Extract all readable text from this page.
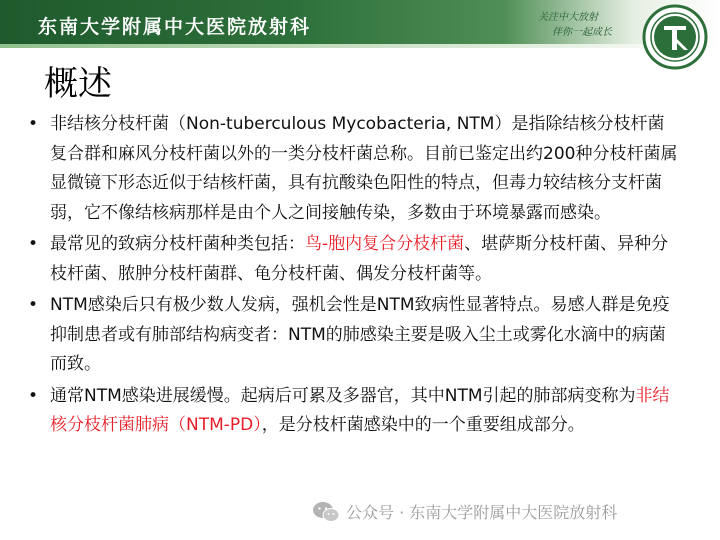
东南大学附属中大医院放射科	关注中大放射
伴你一起成长
概述
• 非结核分枝杆菌（Non-tuberculous Mycobacteria, NTM）是指除结核分枝杆菌复合群和麻风分枝杆菌以外的一类分枝杆菌总称。目前已鉴定出约200种分枝杆菌属显微镜下形态近似于结核杆菌，具有抗酸染色阳性的特点，但毒力较结核分支杆菌弱，它不像结核病那样是由个人之间接触传染，多数由于环境暴露而感染。
• 最常见的致病分枝杆菌种类包括：鸟-胞内复合分枝杆菌、堪萨斯分枝杆菌、异种分枝杆菌、脓肿分枝杆菌群、龟分枝杆菌、偶发分枝杆菌等。
• NTM感染后只有极少数人发病，强机会性是NTM致病性显著特点。易感人群是免疫抑制患者或有肺部结构病变者：NTM的肺感染主要是吸入尘土或雾化水滴中的病菌而致。
• 通常NTM感染进展缓慢。起病后可累及多器官，其中NTM引起的肺部病变称为非结核分枝杆菌肺病（NTM-PD），是分枝杆菌感染中的一个重要组成部分。
公众号 · 东南大学附属中大医院放射科
